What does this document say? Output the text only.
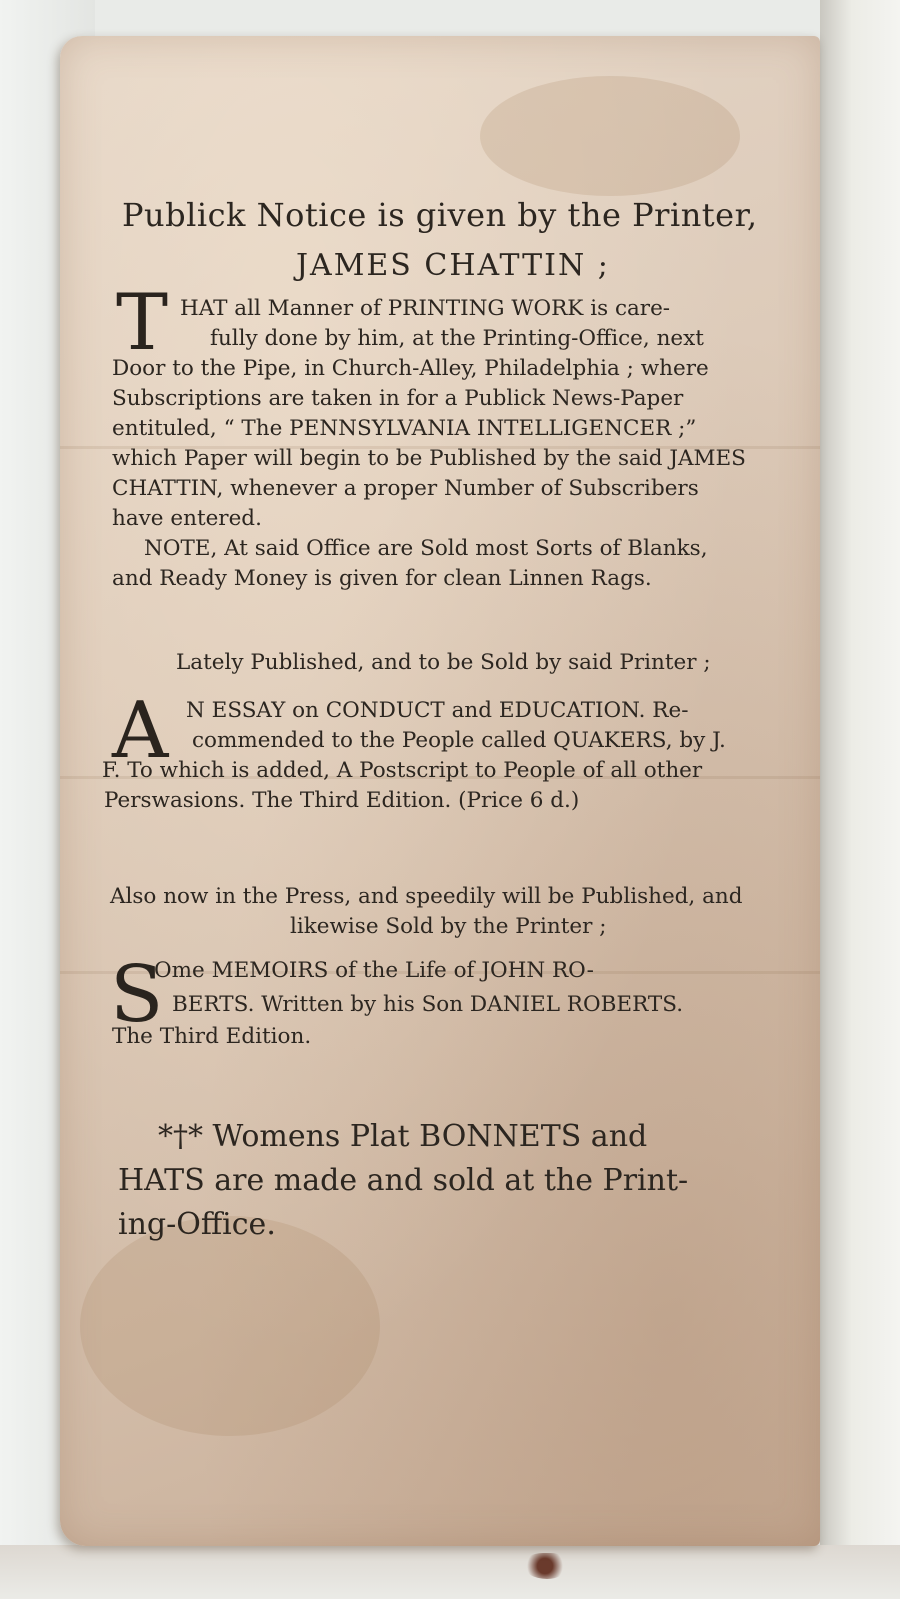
Publick Notice is given by the Printer,
JAMES CHATTIN ;
T HAT all Manner of PRINTING WORK is care-
fully done by him, at the Printing-Office, next
Door to the Pipe, in Church-Alley, Philadelphia ; where
Subscriptions are taken in for a Publick News-Paper
entituled, “ The PENNSYLVANIA INTELLIGENCER ;”
which Paper will begin to be Published by the said JAMES
CHATTIN, whenever a proper Number of Subscribers
have entered.
NOTE, At said Office are Sold most Sorts of Blanks,
and Ready Money is given for clean Linnen Rags.
Lately Published, and to be Sold by said Printer ;
A N ESSAY on CONDUCT and EDUCATION. Re-
commended to the People called QUAKERS, by J.
F. To which is added, A Postscript to People of all other
Perswasions. The Third Edition. (Price 6 d.)
Also now in the Press, and speedily will be Published, and
likewise Sold by the Printer ;
S
Ome MEMOIRS of the Life of JOHN RO-
BERTS. Written by his Son DANIEL ROBERTS.
The Third Edition.
*†* Womens Plat BONNETS and
HATS are made and sold at the Print-
ing-Office.
